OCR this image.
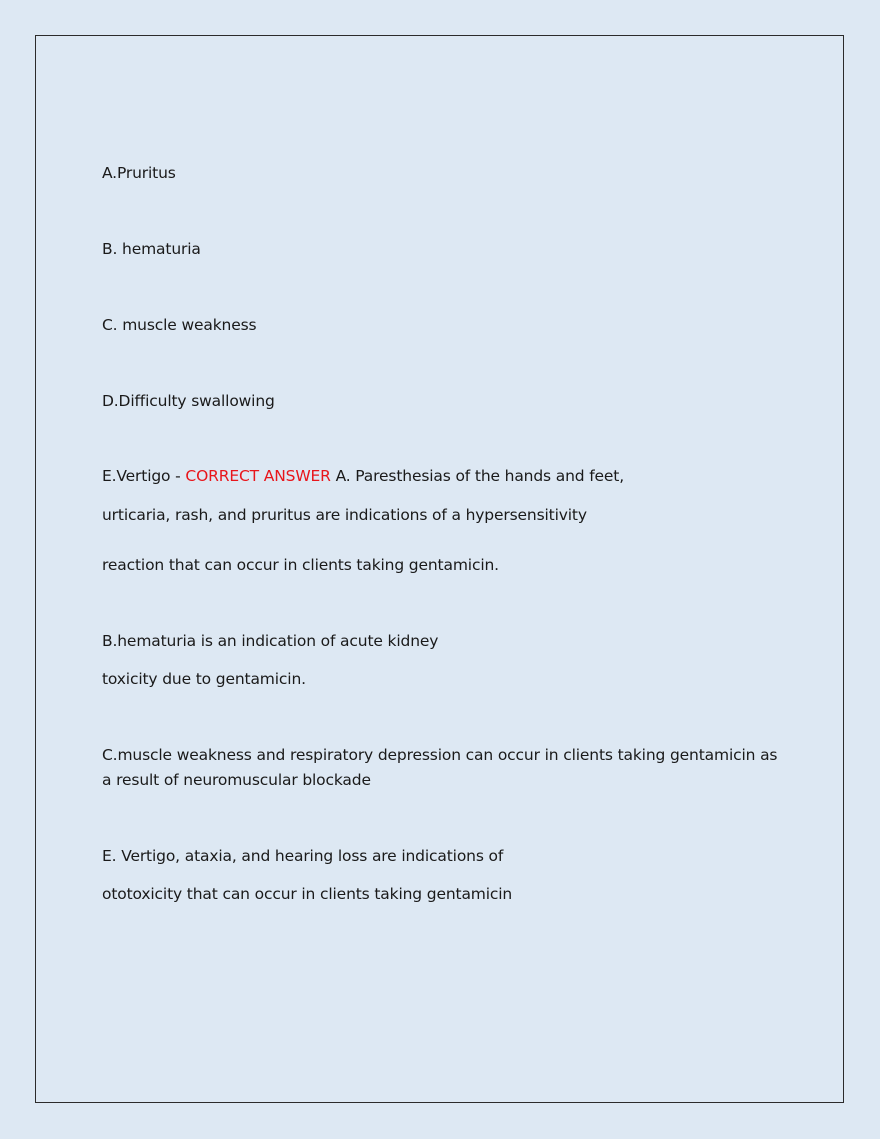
A.Pruritus
B. hematuria
C. muscle weakness
D.Difficulty swallowing
E.Vertigo - CORRECT ANSWER A. Paresthesias of the hands and feet,
urticaria, rash, and pruritus are indications of a hypersensitivity
reaction that can occur in clients taking gentamicin.
B.hematuria is an indication of acute kidney
toxicity due to gentamicin.
C.muscle weakness and respiratory depression can occur in clients taking gentamicin as
a result of neuromuscular blockade
E. Vertigo, ataxia, and hearing loss are indications of
ototoxicity that can occur in clients taking gentamicin
